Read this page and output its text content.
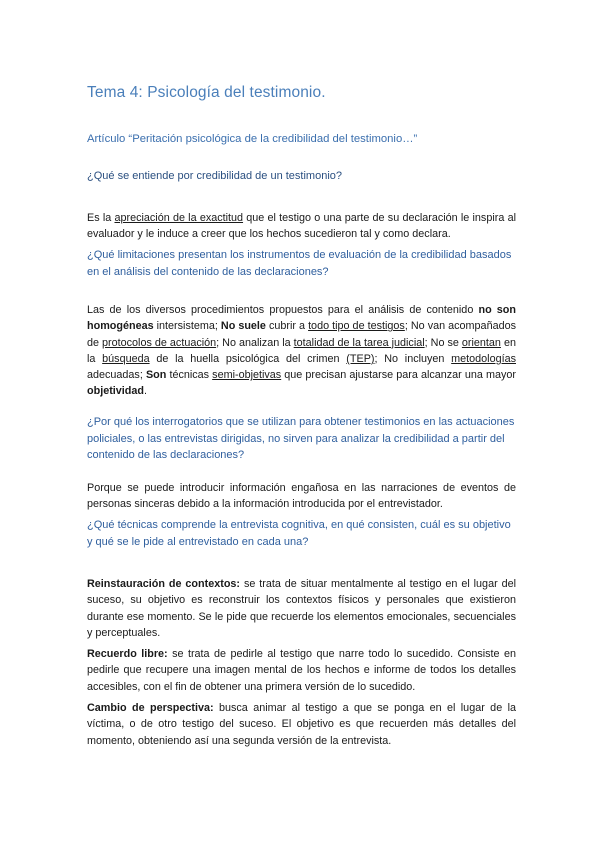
Tema 4: Psicología del testimonio.
Artículo “Peritación psicológica de la credibilidad del testimonio…”
¿Qué se entiende por credibilidad de un testimonio?
Es la apreciación de la exactitud que el testigo o una parte de su declaración le inspira al evaluador y le induce a creer que los hechos sucedieron tal y como declara.
¿Qué limitaciones presentan los instrumentos de evaluación de la credibilidad basados en el análisis del contenido de las declaraciones?
Las de los diversos procedimientos propuestos para el análisis de contenido no son homogéneas intersistema; No suele cubrir a todo tipo de testigos; No van acompañados de protocolos de actuación; No analizan la totalidad de la tarea judicial; No se orientan en la búsqueda de la huella psicológica del crimen (TEP); No incluyen metodologías adecuadas; Son técnicas semi-objetivas que precisan ajustarse para alcanzar una mayor objetividad.
¿Por qué los interrogatorios que se utilizan para obtener testimonios en las actuaciones policiales, o las entrevistas dirigidas, no sirven para analizar la credibilidad a partir del contenido de las declaraciones?
Porque se puede introducir información engañosa en las narraciones de eventos de personas sinceras debido a la información introducida por el entrevistador.
¿Qué técnicas comprende la entrevista cognitiva, en qué consisten, cuál es su objetivo y qué se le pide al entrevistado en cada una?
Reinstauración de contextos: se trata de situar mentalmente al testigo en el lugar del suceso, su objetivo es reconstruir los contextos físicos y personales que existieron durante ese momento. Se le pide que recuerde los elementos emocionales, secuenciales y perceptuales.
Recuerdo libre: se trata de pedirle al testigo que narre todo lo sucedido. Consiste en pedirle que recupere una imagen mental de los hechos e informe de todos los detalles accesibles, con el fin de obtener una primera versión de lo sucedido.
Cambio de perspectiva: busca animar al testigo a que se ponga en el lugar de la víctima, o de otro testigo del suceso. El objetivo es que recuerden más detalles del momento, obteniendo así una segunda versión de la entrevista.
